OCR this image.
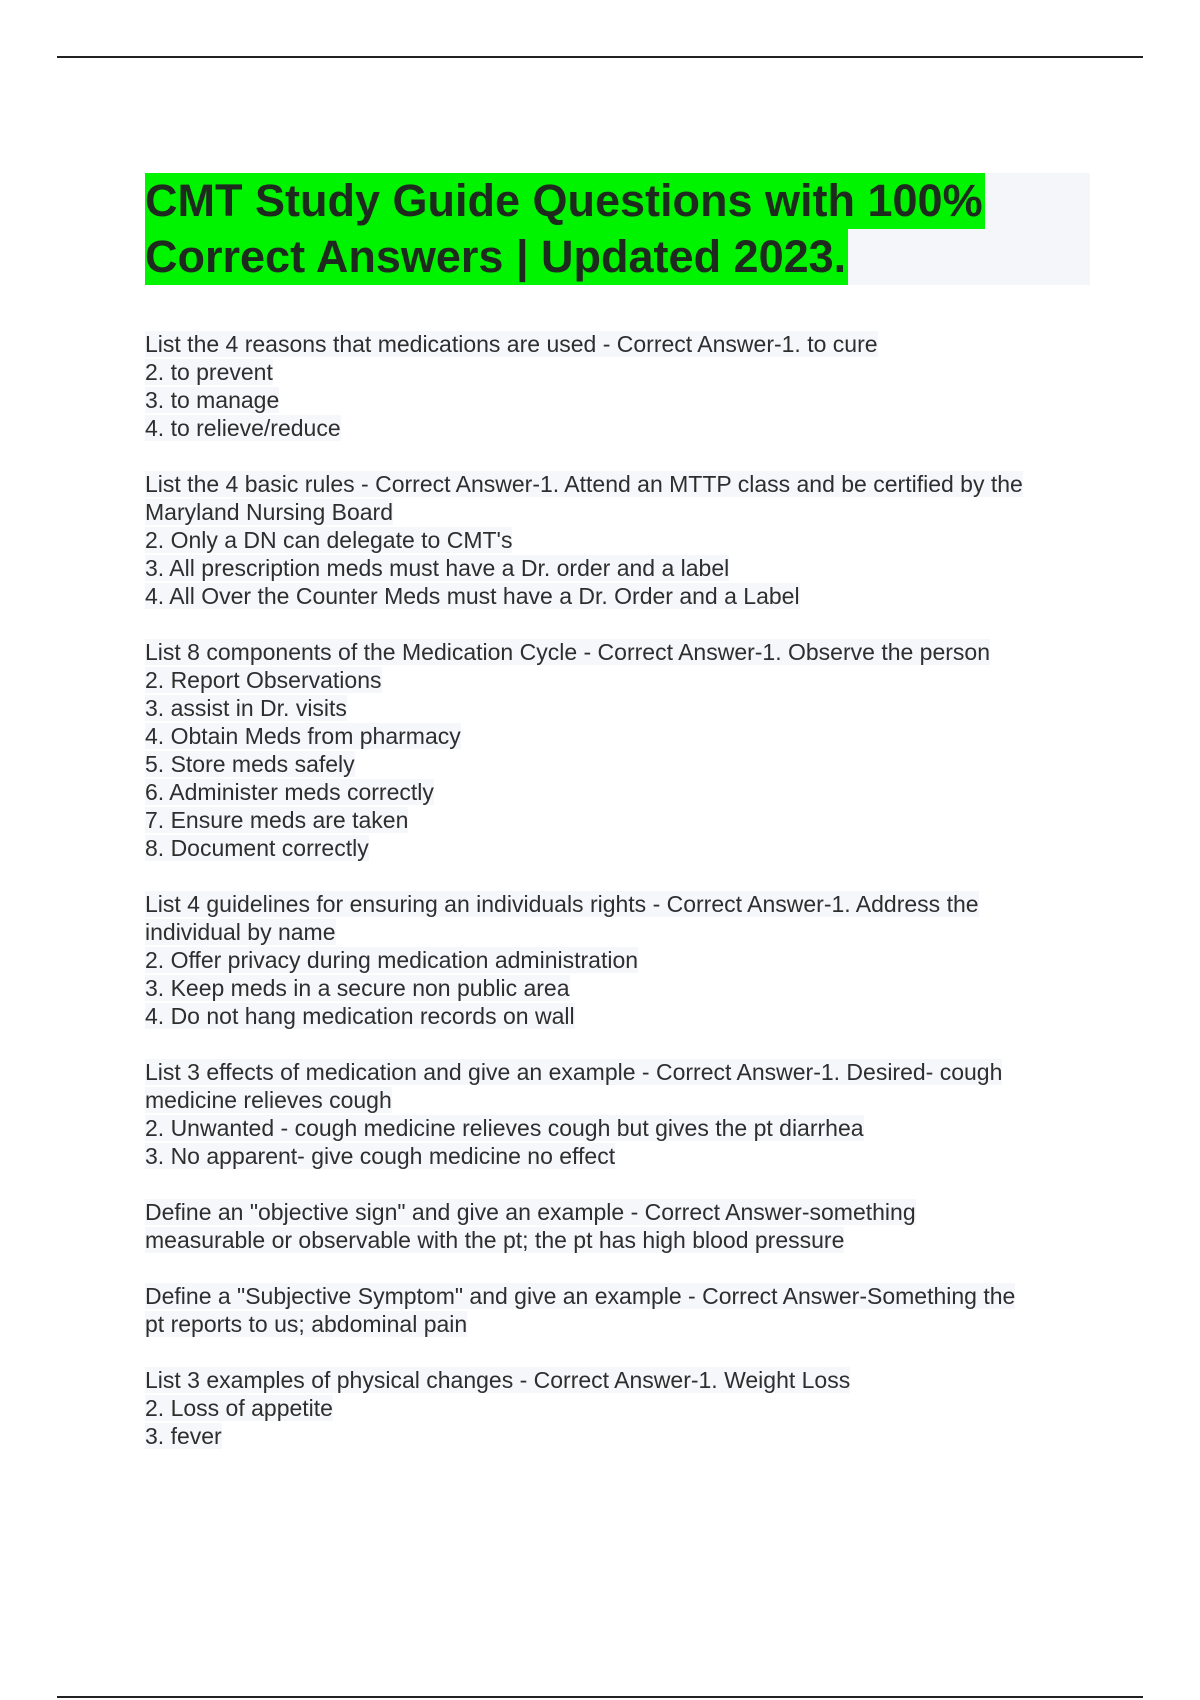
CMT Study Guide Questions with 100%
Correct Answers | Updated 2023.

List the 4 reasons that medications are used - Correct Answer-1. to cure

2. to prevent

3. to manage

4. to relieve/reduce

List the 4 basic rules - Correct Answer-1. Attend an MTTP class and be certified by the

Maryland Nursing Board

2. Only a DN can delegate to CMT's

3. All prescription meds must have a Dr. order and a label

4. All Over the Counter Meds must have a Dr. Order and a Label

List 8 components of the Medication Cycle - Correct Answer-1. Observe the person

2. Report Observations

3. assist in Dr. visits

4. Obtain Meds from pharmacy

5. Store meds safely

6. Administer meds correctly

7. Ensure meds are taken

8. Document correctly

List 4 guidelines for ensuring an individuals rights - Correct Answer-1. Address the

individual by name

2. Offer privacy during medication administration

3. Keep meds in a secure non public area

4. Do not hang medication records on wall

List 3 effects of medication and give an example - Correct Answer-1. Desired- cough

medicine relieves cough

2. Unwanted - cough medicine relieves cough but gives the pt diarrhea

3. No apparent- give cough medicine no effect

Define an "objective sign" and give an example - Correct Answer-something

measurable or observable with the pt; the pt has high blood pressure

Define a "Subjective Symptom" and give an example - Correct Answer-Something the

pt reports to us; abdominal pain

List 3 examples of physical changes - Correct Answer-1. Weight Loss

2. Loss of appetite

3. fever
